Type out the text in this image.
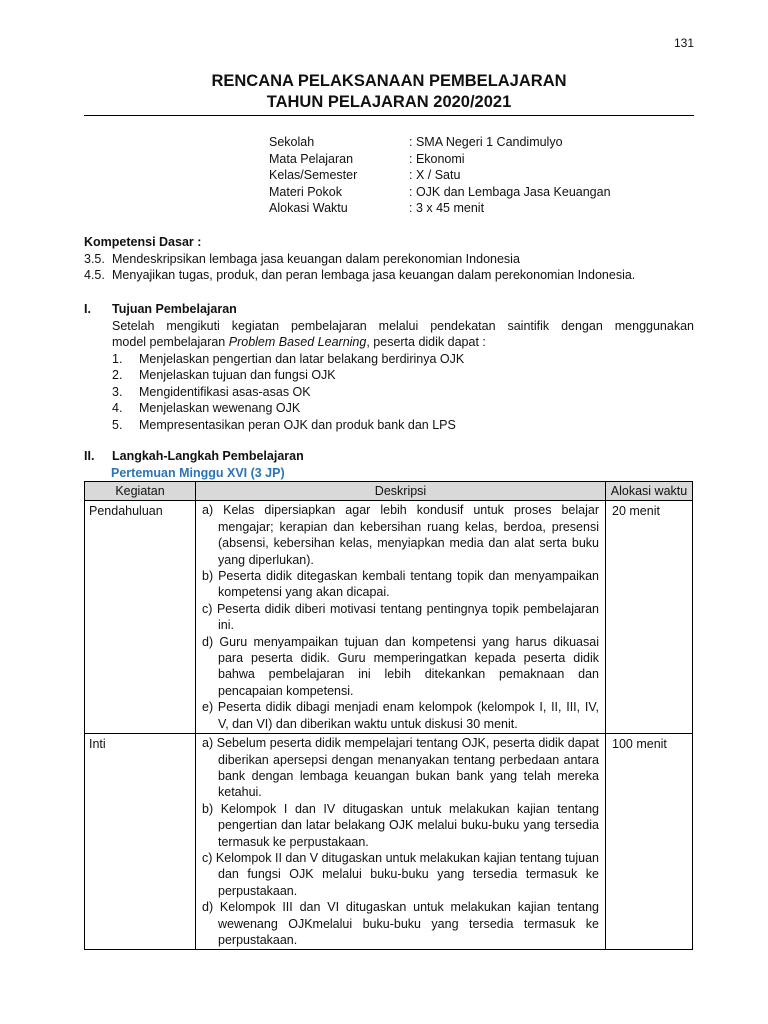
131
RENCANA PELAKSANAAN PEMBELAJARAN
TAHUN PELAJARAN 2020/2021
Sekolah	: SMA Negeri 1 Candimulyo
Mata Pelajaran	: Ekonomi
Kelas/Semester	: X / Satu
Materi Pokok	: OJK dan Lembaga Jasa Keuangan
Alokasi Waktu	: 3 x 45 menit
Kompetensi Dasar :
3.5. Mendeskripsikan lembaga jasa keuangan dalam perekonomian Indonesia
4.5. Menyajikan tugas, produk, dan peran lembaga jasa keuangan dalam perekonomian Indonesia.
I.	Tujuan Pembelajaran
Setelah mengikuti kegiatan pembelajaran melalui pendekatan saintifik dengan menggunakan
model pembelajaran Problem Based Learning, peserta didik dapat :
1.	Menjelaskan pengertian dan latar belakang berdirinya OJK
2.	Menjelaskan tujuan dan fungsi OJK
3.	Mengidentifikasi asas-asas OK
4.	Menjelaskan wewenang OJK
5.	Mempresentasikan peran OJK dan produk bank dan LPS
II.	Langkah-Langkah Pembelajaran
Pertemuan Minggu XVI (3 JP)
Kegiatan	Deskripsi	Alokasi waktu
Pendahuluan	a) Kelas dipersiapkan agar lebih kondusif untuk proses belajar mengajar; kerapian dan kebersihan ruang kelas, berdoa, presensi (absensi, kebersihan kelas, menyiapkan media dan alat serta buku yang diperlukan).

b) Peserta didik ditegaskan kembali tentang topik dan menyampaikan kompetensi yang akan dicapai.

c) Peserta didik diberi motivasi tentang pentingnya topik pembelajaran ini.

d) Guru menyampaikan tujuan dan kompetensi yang harus dikuasai para peserta didik. Guru memperingatkan kepada peserta didik bahwa pembelajaran ini lebih ditekankan pemaknaan dan pencapaian kompetensi.

e) Peserta didik dibagi menjadi enam kelompok (kelompok I, II, III, IV, V, dan VI) dan diberikan waktu untuk diskusi 30 menit.	20 menit
Inti	a) Sebelum peserta didik mempelajari tentang OJK, peserta didik dapat diberikan apersepsi dengan menanyakan tentang perbedaan antara bank dengan lembaga keuangan bukan bank yang telah mereka ketahui.

b) Kelompok I dan IV ditugaskan untuk melakukan kajian tentang pengertian dan latar belakang OJK melalui buku-buku yang tersedia termasuk ke perpustakaan.

c) Kelompok II dan V ditugaskan untuk melakukan kajian tentang tujuan dan fungsi OJK melalui buku-buku yang tersedia termasuk ke perpustakaan.

d) Kelompok III dan VI ditugaskan untuk melakukan kajian tentang wewenang OJKmelalui buku-buku yang tersedia termasuk ke perpustakaan.	100 menit
